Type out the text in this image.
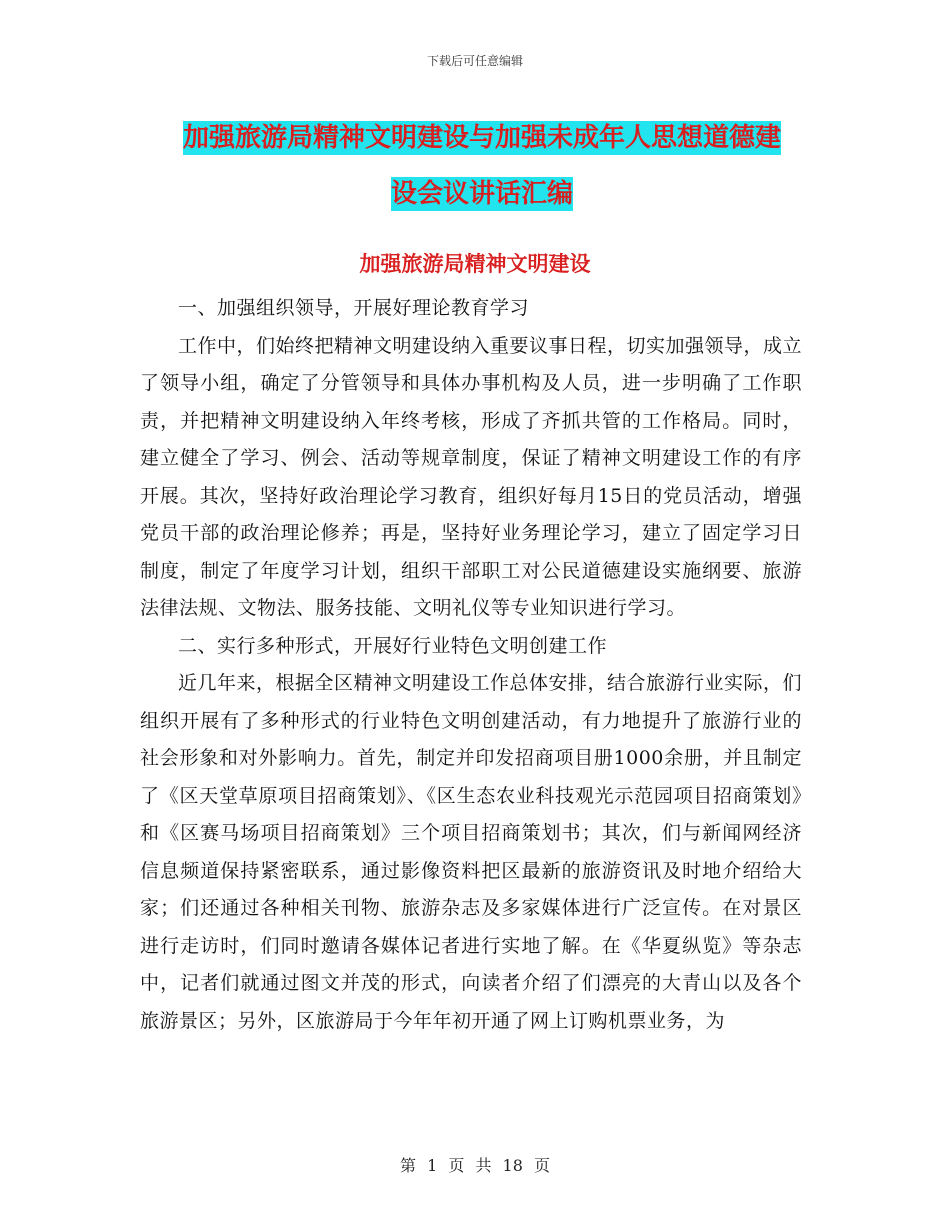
下载后可任意编辑
加强旅游局精神文明建设与加强未成年人思想道德建
设会议讲话汇编
加强旅游局精神文明建设

一、加强组织领导，开展好理论教育学习

工作中，们始终把精神文明建设纳入重要议事日程，切实加强领导，成立了领导小组，确定了分管领导和具体办事机构及人员，进一步明确了工作职责，并把精神文明建设纳入年终考核，形成了齐抓共管的工作格局。同时，建立健全了学习、例会、活动等规章制度，保证了精神文明建设工作的有序开展。其次，坚持好政治理论学习教育，组织好每月15日的党员活动，增强党员干部的政治理论修养；再是，坚持好业务理论学习，建立了固定学习日制度，制定了年度学习计划，组织干部职工对公民道德建设实施纲要、旅游法律法规、文物法、服务技能、文明礼仪等专业知识进行学习。

二、实行多种形式，开展好行业特色文明创建工作

近几年来，根据全区精神文明建设工作总体安排，结合旅游行业实际，们组织开展有了多种形式的行业特色文明创建活动，有力地提升了旅游行业的社会形象和对外影响力。首先，制定并印发招商项目册1000余册，并且制定了《区天堂草原项目招商策划》、《区生态农业科技观光示范园项目招商策划》和《区赛马场项目招商策划》三个项目招商策划书；其次，们与新闻网经济信息频道保持紧密联系，通过影像资料把区最新的旅游资讯及时地介绍给大家；们还通过各种相关刊物、旅游杂志及多家媒体进行广泛宣传。在对景区进行走访时，们同时邀请各媒体记者进行实地了解。在《华夏纵览》等杂志中，记者们就通过图文并茂的形式，向读者介绍了们漂亮的大青山以及各个旅游景区；另外，区旅游局于今年年初开通了网上订购机票业务，为

第 1 页 共 18 页
